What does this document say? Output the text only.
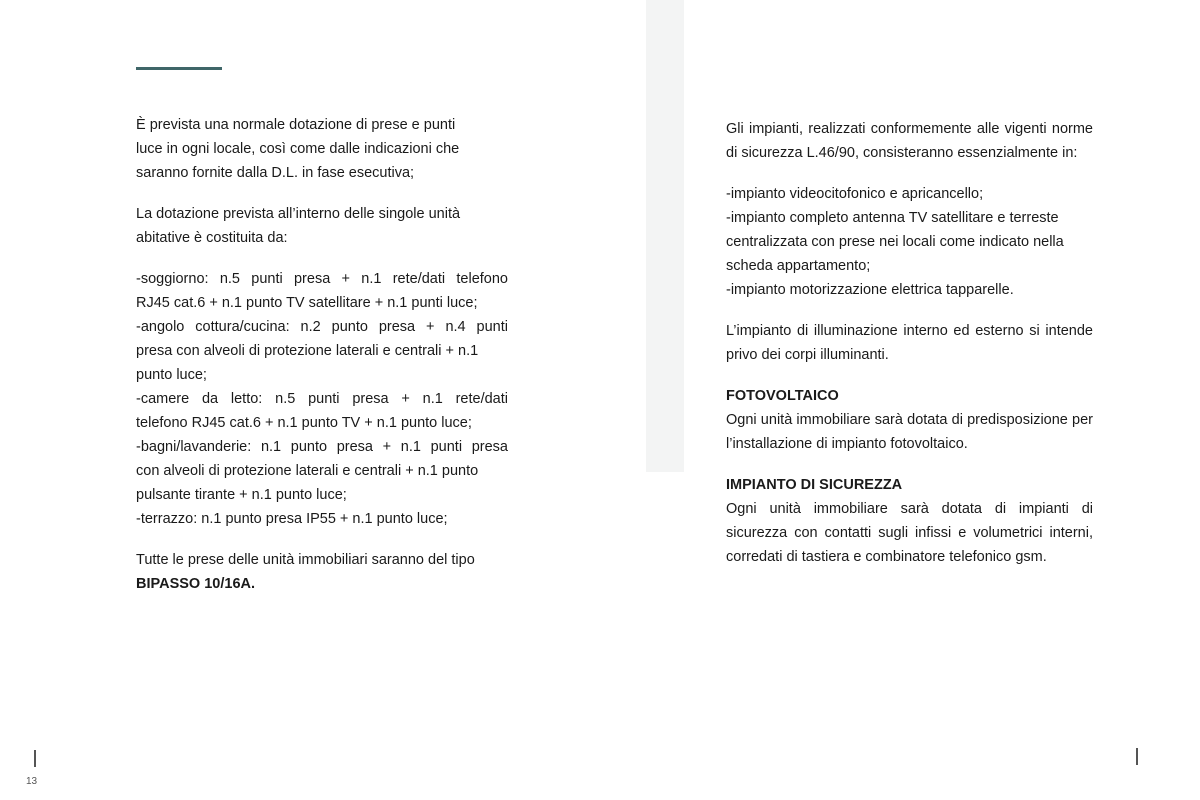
È prevista una normale dotazione di prese e punti
luce in ogni locale, così come dalle indicazioni che
saranno fornite dalla D.L. in fase esecutiva;

La dotazione prevista all’interno delle singole unità
abitative è costituita da:

-soggiorno: n.5 punti presa + n.1 rete/dati telefono
RJ45 cat.6 + n.1 punto TV satellitare + n.1 punti luce;
-angolo cottura/cucina: n.2 punto presa + n.4 punti
presa con alveoli di protezione laterali e centrali + n.1
punto luce;
-camere da letto: n.5 punti presa + n.1 rete/dati
telefono RJ45 cat.6 + n.1 punto TV + n.1 punto luce;
-bagni/lavanderie: n.1 punto presa + n.1 punti presa
con alveoli di protezione laterali e centrali + n.1 punto
pulsante tirante + n.1 punto luce;
-terrazzo: n.1 punto presa IP55 + n.1 punto luce;

Tutte le prese delle unità immobiliari saranno del tipo
BIPASSO 10/16A.

Gli impianti, realizzati conformemente alle vigenti norme di sicurezza L.46/90, consisteranno essenzialmente in:

-impianto videocitofonico e apricancello;
-impianto completo antenna TV satellitare e terreste
centralizzata con prese nei locali come indicato nella
scheda appartamento;
-impianto motorizzazione elettrica tapparelle.

L’impianto di illuminazione interno ed esterno si intende privo dei corpi illuminanti.

FOTOVOLTAICO

Ogni unità immobiliare sarà dotata di predisposizione per l’installazione di impianto fotovoltaico.

IMPIANTO DI SICUREZZA

Ogni unità immobiliare sarà dotata di impianti di sicurezza con contatti sugli infissi e volumetrici interni, corredati di tastiera e combinatore telefonico gsm.

13
